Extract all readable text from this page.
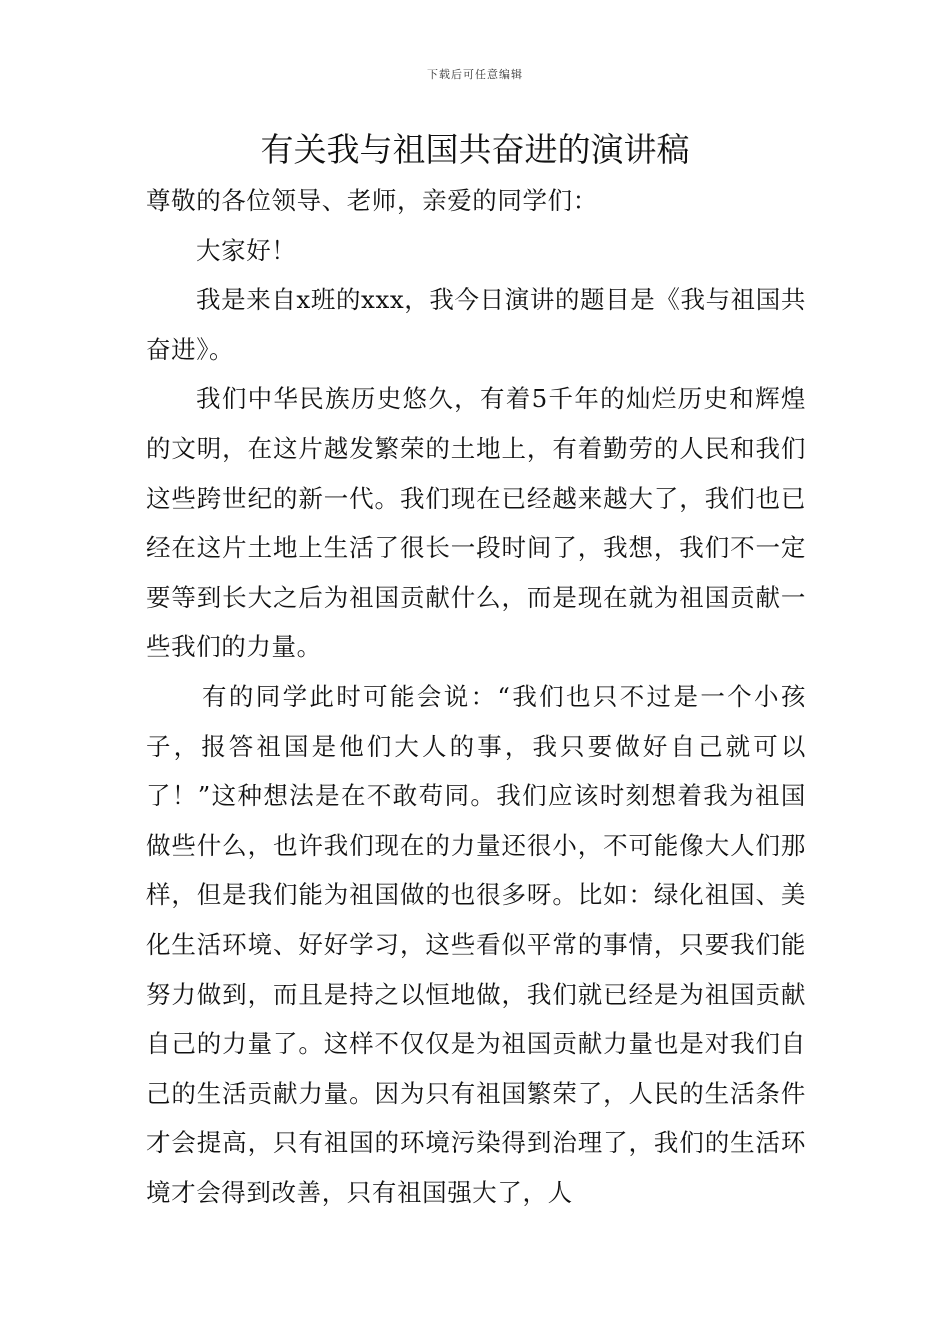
下载后可任意编辑
有关我与祖国共奋进的演讲稿

尊敬的各位领导、老师，亲爱的同学们：

大家好！

我是来自x班的xxx，我今日演讲的题目是《我与祖国共奋进》。

我们中华民族历史悠久，有着5千年的灿烂历史和辉煌的文明，在这片越发繁荣的土地上，有着勤劳的人民和我们这些跨世纪的新一代。我们现在已经越来越大了，我们也已经在这片土地上生活了很长一段时间了，我想，我们不一定要等到长大之后为祖国贡献什么，而是现在就为祖国贡献一些我们的力量。

有的同学此时可能会说：“我们也只不过是一个小孩子，报答祖国是他们大人的事，我只要做好自己就可以了！”这种想法是在不敢苟同。我们应该时刻想着我为祖国做些什么，也许我们现在的力量还很小，不可能像大人们那样，但是我们能为祖国做的也很多呀。比如：绿化祖国、美化生活环境、好好学习，这些看似平常的事情，只要我们能努力做到，而且是持之以恒地做，我们就已经是为祖国贡献自己的力量了。这样不仅仅是为祖国贡献力量也是对我们自己的生活贡献力量。因为只有祖国繁荣了，人民的生活条件才会提高，只有祖国的环境污染得到治理了，我们的生活环境才会得到改善，只有祖国强大了，人
